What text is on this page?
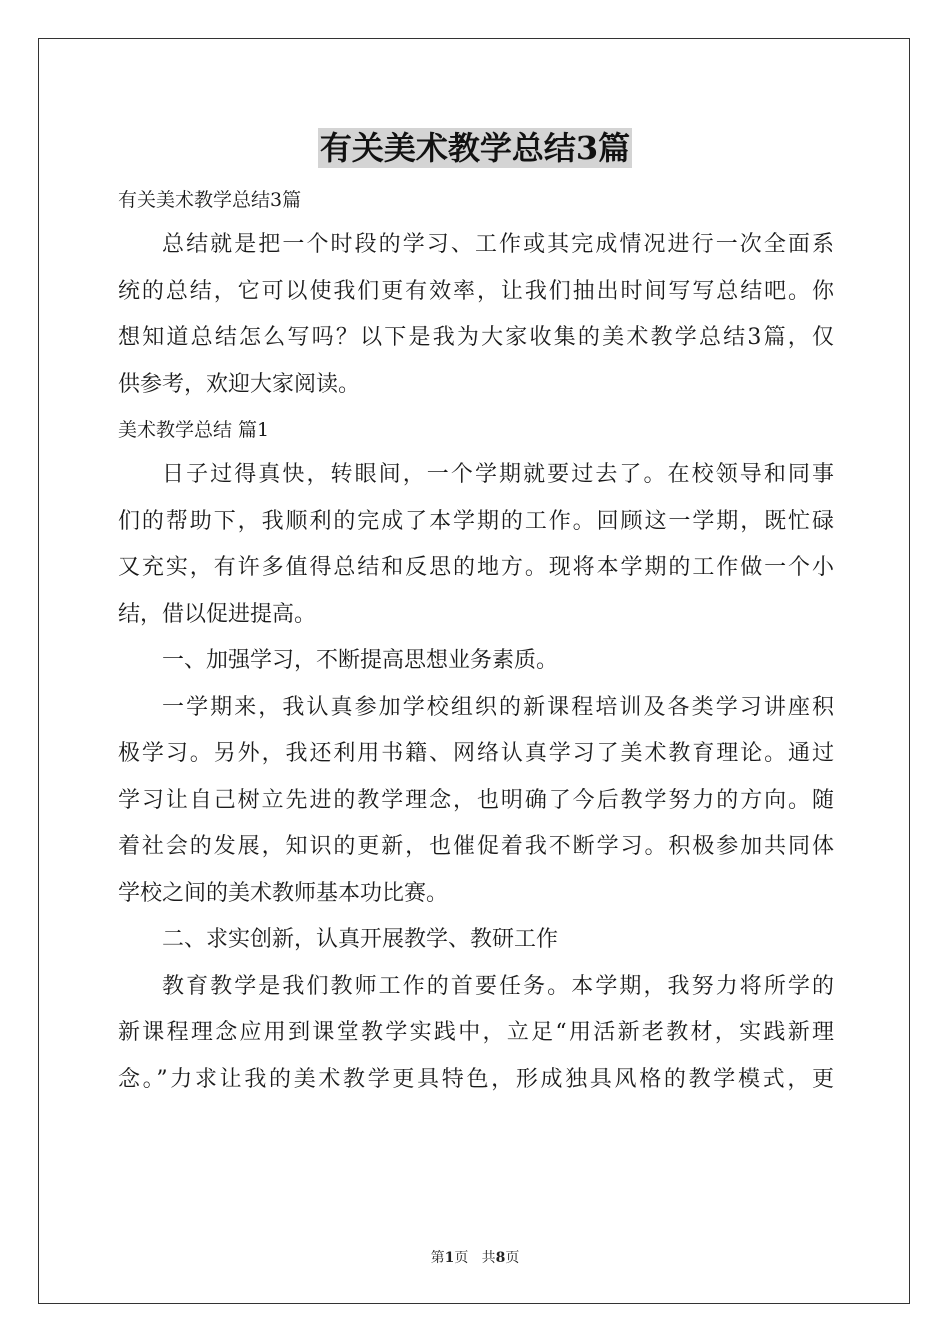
有关美术教学总结3篇

有关美术教学总结3篇

总结就是把一个时段的学习、工作或其完成情况进行一次全面系
统的总结，它可以使我们更有效率，让我们抽出时间写写总结吧。你
想知道总结怎么写吗？以下是我为大家收集的美术教学总结3篇，仅
供参考，欢迎大家阅读。

美术教学总结 篇1

日子过得真快，转眼间，一个学期就要过去了。在校领导和同事
们的帮助下，我顺利的完成了本学期的工作。回顾这一学期，既忙碌
又充实，有许多值得总结和反思的地方。现将本学期的工作做一个小
结，借以促进提高。

一、加强学习，不断提高思想业务素质。

一学期来，我认真参加学校组织的新课程培训及各类学习讲座积
极学习。另外，我还利用书籍、网络认真学习了美术教育理论。通过
学习让自己树立先进的教学理念，也明确了今后教学努力的方向。随
着社会的发展，知识的更新，也催促着我不断学习。积极参加共同体
学校之间的美术教师基本功比赛。

二、求实创新，认真开展教学、教研工作

教育教学是我们教师工作的首要任务。本学期，我努力将所学的
新课程理念应用到课堂教学实践中，立足“用活新老教材，实践新理
念。”力求让我的美术教学更具特色，形成独具风格的教学模式，更
第1页 共8页
